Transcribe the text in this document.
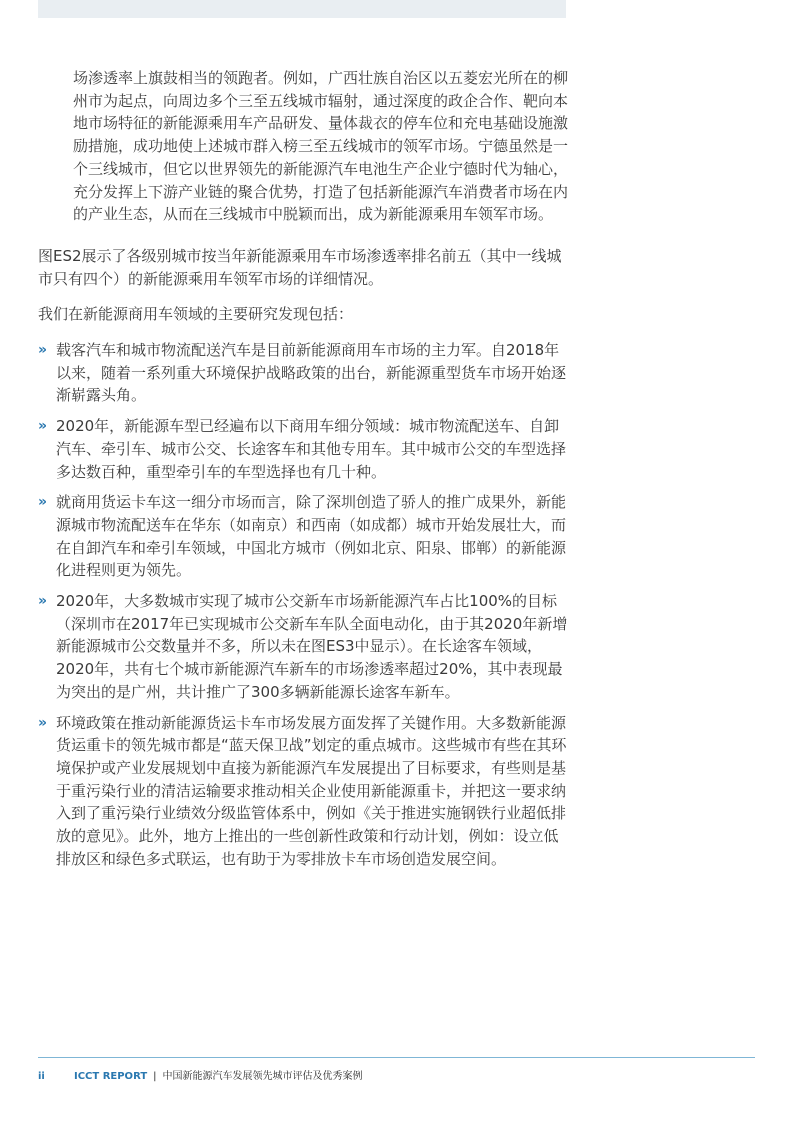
场渗透率上旗鼓相当的领跑者。例如，广西壮族自治区以五菱宏光所在的柳州市为起点，向周边多个三至五线城市辐射，通过深度的政企合作、靶向本地市场特征的新能源乘用车产品研发、量体裁衣的停车位和充电基础设施激励措施，成功地使上述城市群入榜三至五线城市的领军市场。宁德虽然是一个三线城市，但它以世界领先的新能源汽车电池生产企业宁德时代为轴心，充分发挥上下游产业链的聚合优势，打造了包括新能源汽车消费者市场在内的产业生态，从而在三线城市中脱颖而出，成为新能源乘用车领军市场。

图ES2展示了各级别城市按当年新能源乘用车市场渗透率排名前五（其中一线城市只有四个）的新能源乘用车领军市场的详细情况。

我们在新能源商用车领域的主要研究发现包括：

» 载客汽车和城市物流配送汽车是目前新能源商用车市场的主力军。自2018年以来，随着一系列重大环境保护战略政策的出台，新能源重型货车市场开始逐渐崭露头角。
» 2020年，新能源车型已经遍布以下商用车细分领域：城市物流配送车、自卸汽车、牵引车、城市公交、长途客车和其他专用车。其中城市公交的车型选择多达数百种，重型牵引车的车型选择也有几十种。
» 就商用货运卡车这一细分市场而言，除了深圳创造了骄人的推广成果外，新能源城市物流配送车在华东（如南京）和西南（如成都）城市开始发展壮大，而在自卸汽车和牵引车领域，中国北方城市（例如北京、阳泉、邯郸）的新能源化进程则更为领先。
» 2020年，大多数城市实现了城市公交新车市场新能源汽车占比100%的目标（深圳市在2017年已实现城市公交新车车队全面电动化，由于其2020年新增新能源城市公交数量并不多，所以未在图ES3中显示）。在长途客车领域，2020年，共有七个城市新能源汽车新车的市场渗透率超过20%，其中表现最为突出的是广州，共计推广了300多辆新能源长途客车新车。
» 环境政策在推动新能源货运卡车市场发展方面发挥了关键作用。大多数新能源货运重卡的领先城市都是“蓝天保卫战”划定的重点城市。这些城市有些在其环境保护或产业发展规划中直接为新能源汽车发展提出了目标要求，有些则是基于重污染行业的清洁运输要求推动相关企业使用新能源重卡，并把这一要求纳入到了重污染行业绩效分级监管体系中，例如《关于推进实施钢铁行业超低排放的意见》。此外，地方上推出的一些创新性政策和行动计划，例如：设立低排放区和绿色多式联运，也有助于为零排放卡车市场创造发展空间。
ii	ICCT REPORT | 中国新能源汽车发展领先城市评估及优秀案例
